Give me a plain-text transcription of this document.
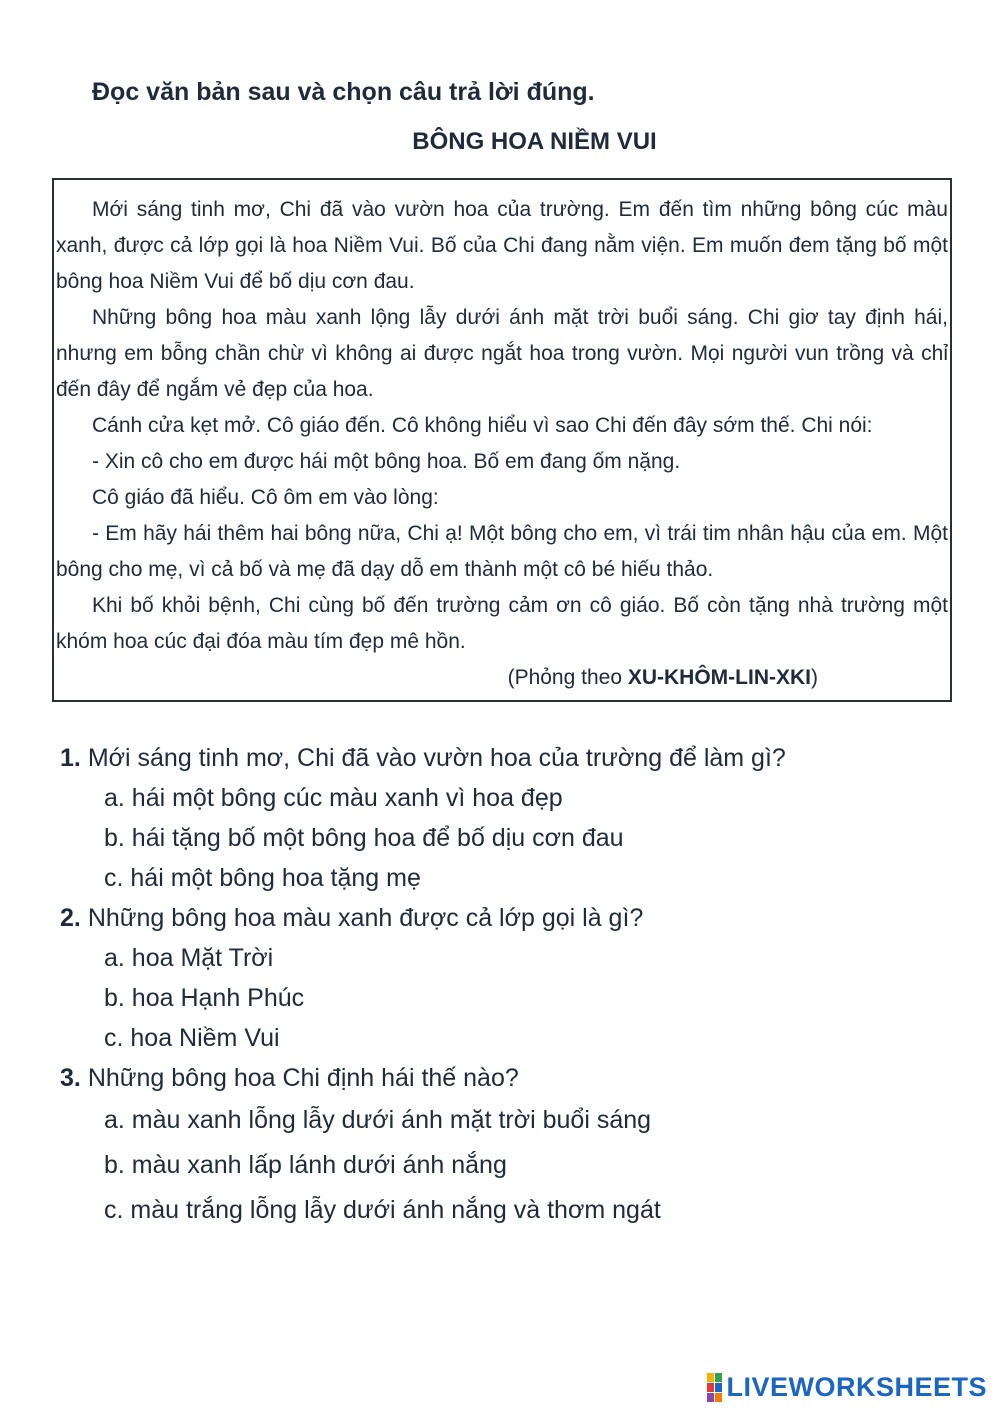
Đọc văn bản sau và chọn câu trả lời đúng.
BÔNG HOA NIỀM VUI

Mới sáng tinh mơ, Chi đã vào vườn hoa của trường. Em đến tìm những bông cúc màu xanh, được cả lớp gọi là hoa Niềm Vui. Bố của Chi đang nằm viện. Em muốn đem tặng bố một bông hoa Niềm Vui để bố dịu cơn đau.

Những bông hoa màu xanh lộng lẫy dưới ánh mặt trời buổi sáng. Chi giơ tay định hái, nhưng em bỗng chần chừ vì không ai được ngắt hoa trong vườn. Mọi người vun trồng và chỉ đến đây để ngắm vẻ đẹp của hoa.

Cánh cửa kẹt mở. Cô giáo đến. Cô không hiểu vì sao Chi đến đây sớm thế. Chi nói:

- Xin cô cho em được hái một bông hoa. Bố em đang ốm nặng.

Cô giáo đã hiểu. Cô ôm em vào lòng:

- Em hãy hái thêm hai bông nữa, Chi ạ! Một bông cho em, vì trái tim nhân hậu của em. Một bông cho mẹ, vì cả bố và mẹ đã dạy dỗ em thành một cô bé hiếu thảo.

Khi bố khỏi bệnh, Chi cùng bố đến trường cảm ơn cô giáo. Bố còn tặng nhà trường một khóm hoa cúc đại đóa màu tím đẹp mê hồn.

(Phỏng theo XU-KHÔM-LIN-XKI)

1. Mới sáng tinh mơ, Chi đã vào vườn hoa của trường để làm gì?

a. hái một bông cúc màu xanh vì hoa đẹp

b. hái tặng bố một bông hoa để bố dịu cơn đau

c. hái một bông hoa tặng mẹ

2. Những bông hoa màu xanh được cả lớp gọi là gì?

a. hoa Mặt Trời

b. hoa Hạnh Phúc

c. hoa Niềm Vui

3. Những bông hoa Chi định hái thế nào?

a. màu xanh lỗng lẫy dưới ánh mặt trời buổi sáng

b. màu xanh lấp lánh dưới ánh nắng

c. màu trắng lỗng lẫy dưới ánh nắng và thơm ngát

LIVEWORKSHEETS
